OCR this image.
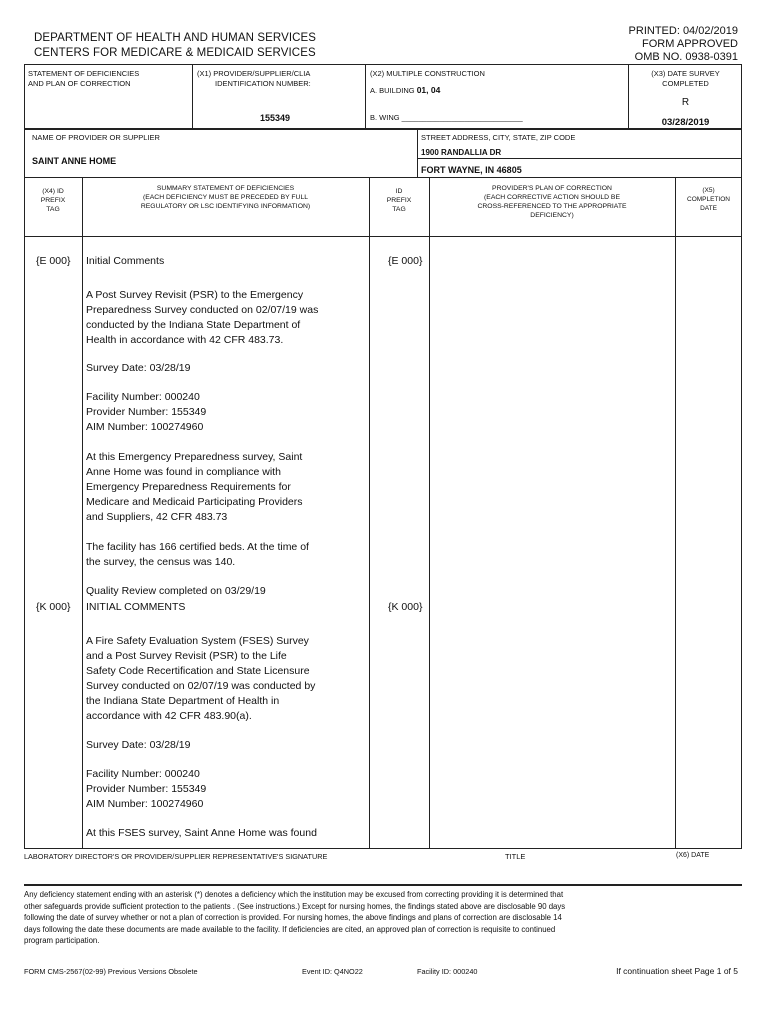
DEPARTMENT OF HEALTH AND HUMAN SERVICES
CENTERS FOR MEDICARE & MEDICAID SERVICES
PRINTED: 04/02/2019
FORM APPROVED
OMB NO. 0938-0391
STATEMENT OF DEFICIENCIES
AND PLAN OF CORRECTION
(X1) PROVIDER/SUPPLIER/CLIA
IDENTIFICATION NUMBER:
155349
(X2) MULTIPLE CONSTRUCTION
A. BUILDING 01, 04
B. WING _____________________________
(X3) DATE SURVEY
COMPLETED
R
03/28/2019
NAME OF PROVIDER OR SUPPLIER
SAINT ANNE HOME
STREET ADDRESS, CITY, STATE, ZIP CODE
1900 RANDALLIA DR
FORT WAYNE, IN 46805
(X4) ID
PREFIX
TAG
SUMMARY STATEMENT OF DEFICIENCIES
(EACH DEFICIENCY MUST BE PRECEDED BY FULL
REGULATORY OR LSC IDENTIFYING INFORMATION)
ID
PREFIX
TAG
PROVIDER'S PLAN OF CORRECTION
(EACH CORRECTIVE ACTION SHOULD BE
CROSS-REFERENCED TO THE APPROPRIATE
DEFICIENCY)
(X5)
COMPLETION
DATE
{E 000}	{E 000}
Initial Comments
A Post Survey Revisit (PSR) to the Emergency
Preparedness Survey conducted on 02/07/19 was
conducted by the Indiana State Department of
Health in accordance with 42 CFR 483.73.
Survey Date: 03/28/19
Facility Number: 000240
Provider Number: 155349
AIM Number: 100274960
At this Emergency Preparedness survey, Saint
Anne Home was found in compliance with
Emergency Preparedness Requirements for
Medicare and Medicaid Participating Providers
and Suppliers, 42 CFR 483.73
The facility has 166 certified beds. At the time of
the survey, the census was 140.
Quality Review completed on 03/29/19
{K 000}	{K 000}
INITIAL COMMENTS
A Fire Safety Evaluation System (FSES) Survey
and a Post Survey Revisit (PSR) to the Life
Safety Code Recertification and State Licensure
Survey conducted on 02/07/19 was conducted by
the Indiana State Department of Health in
accordance with 42 CFR 483.90(a).
Survey Date: 03/28/19
Facility Number: 000240
Provider Number: 155349
AIM Number: 100274960
At this FSES survey, Saint Anne Home was found
LABORATORY DIRECTOR'S OR PROVIDER/SUPPLIER REPRESENTATIVE'S SIGNATURE	TITLE	(X6) DATE
Any deficiency statement ending with an asterisk (*) denotes a deficiency which the institution may be excused from correcting providing it is determined that
other safeguards provide sufficient protection to the patients . (See instructions.) Except for nursing homes, the findings stated above are disclosable 90 days
following the date of survey whether or not a plan of correction is provided. For nursing homes, the above findings and plans of correction are disclosable 14
days following the date these documents are made available to the facility. If deficiencies are cited, an approved plan of correction is requisite to continued
program participation.
FORM CMS-2567(02-99) Previous Versions Obsolete	Event ID: Q4NO22	Facility ID: 000240	If continuation sheet Page 1 of 5
